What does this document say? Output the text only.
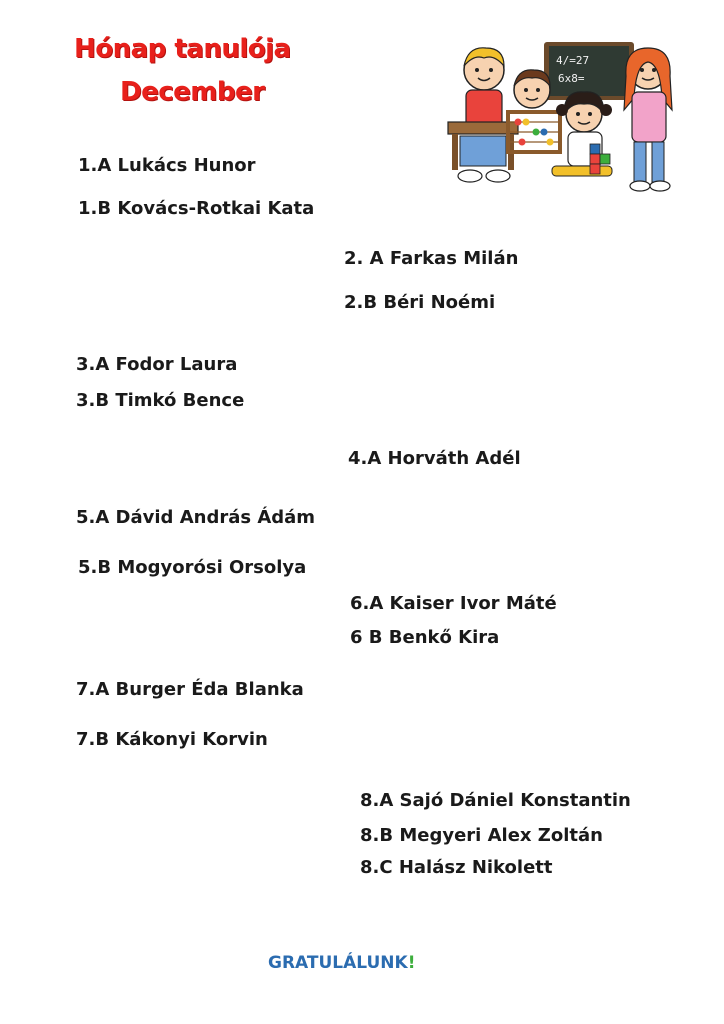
Hónap tanulója
December
4/=27
6x8=
1.A Lukács Hunor
1.B Kovács-Rotkai Kata
2. A Farkas Milán
2.B Béri Noémi
3.A Fodor Laura
3.B Timkó Bence
4.A Horváth Adél
5.A Dávid András Ádám
5.B Mogyorósi Orsolya
6.A Kaiser Ivor Máté
6 B Benkő Kira
7.A Burger Éda Blanka
7.B Kákonyi Korvin
8.A Sajó Dániel Konstantin
8.B Megyeri Alex Zoltán
8.C Halász Nikolett
GRATULÁLUNK!
